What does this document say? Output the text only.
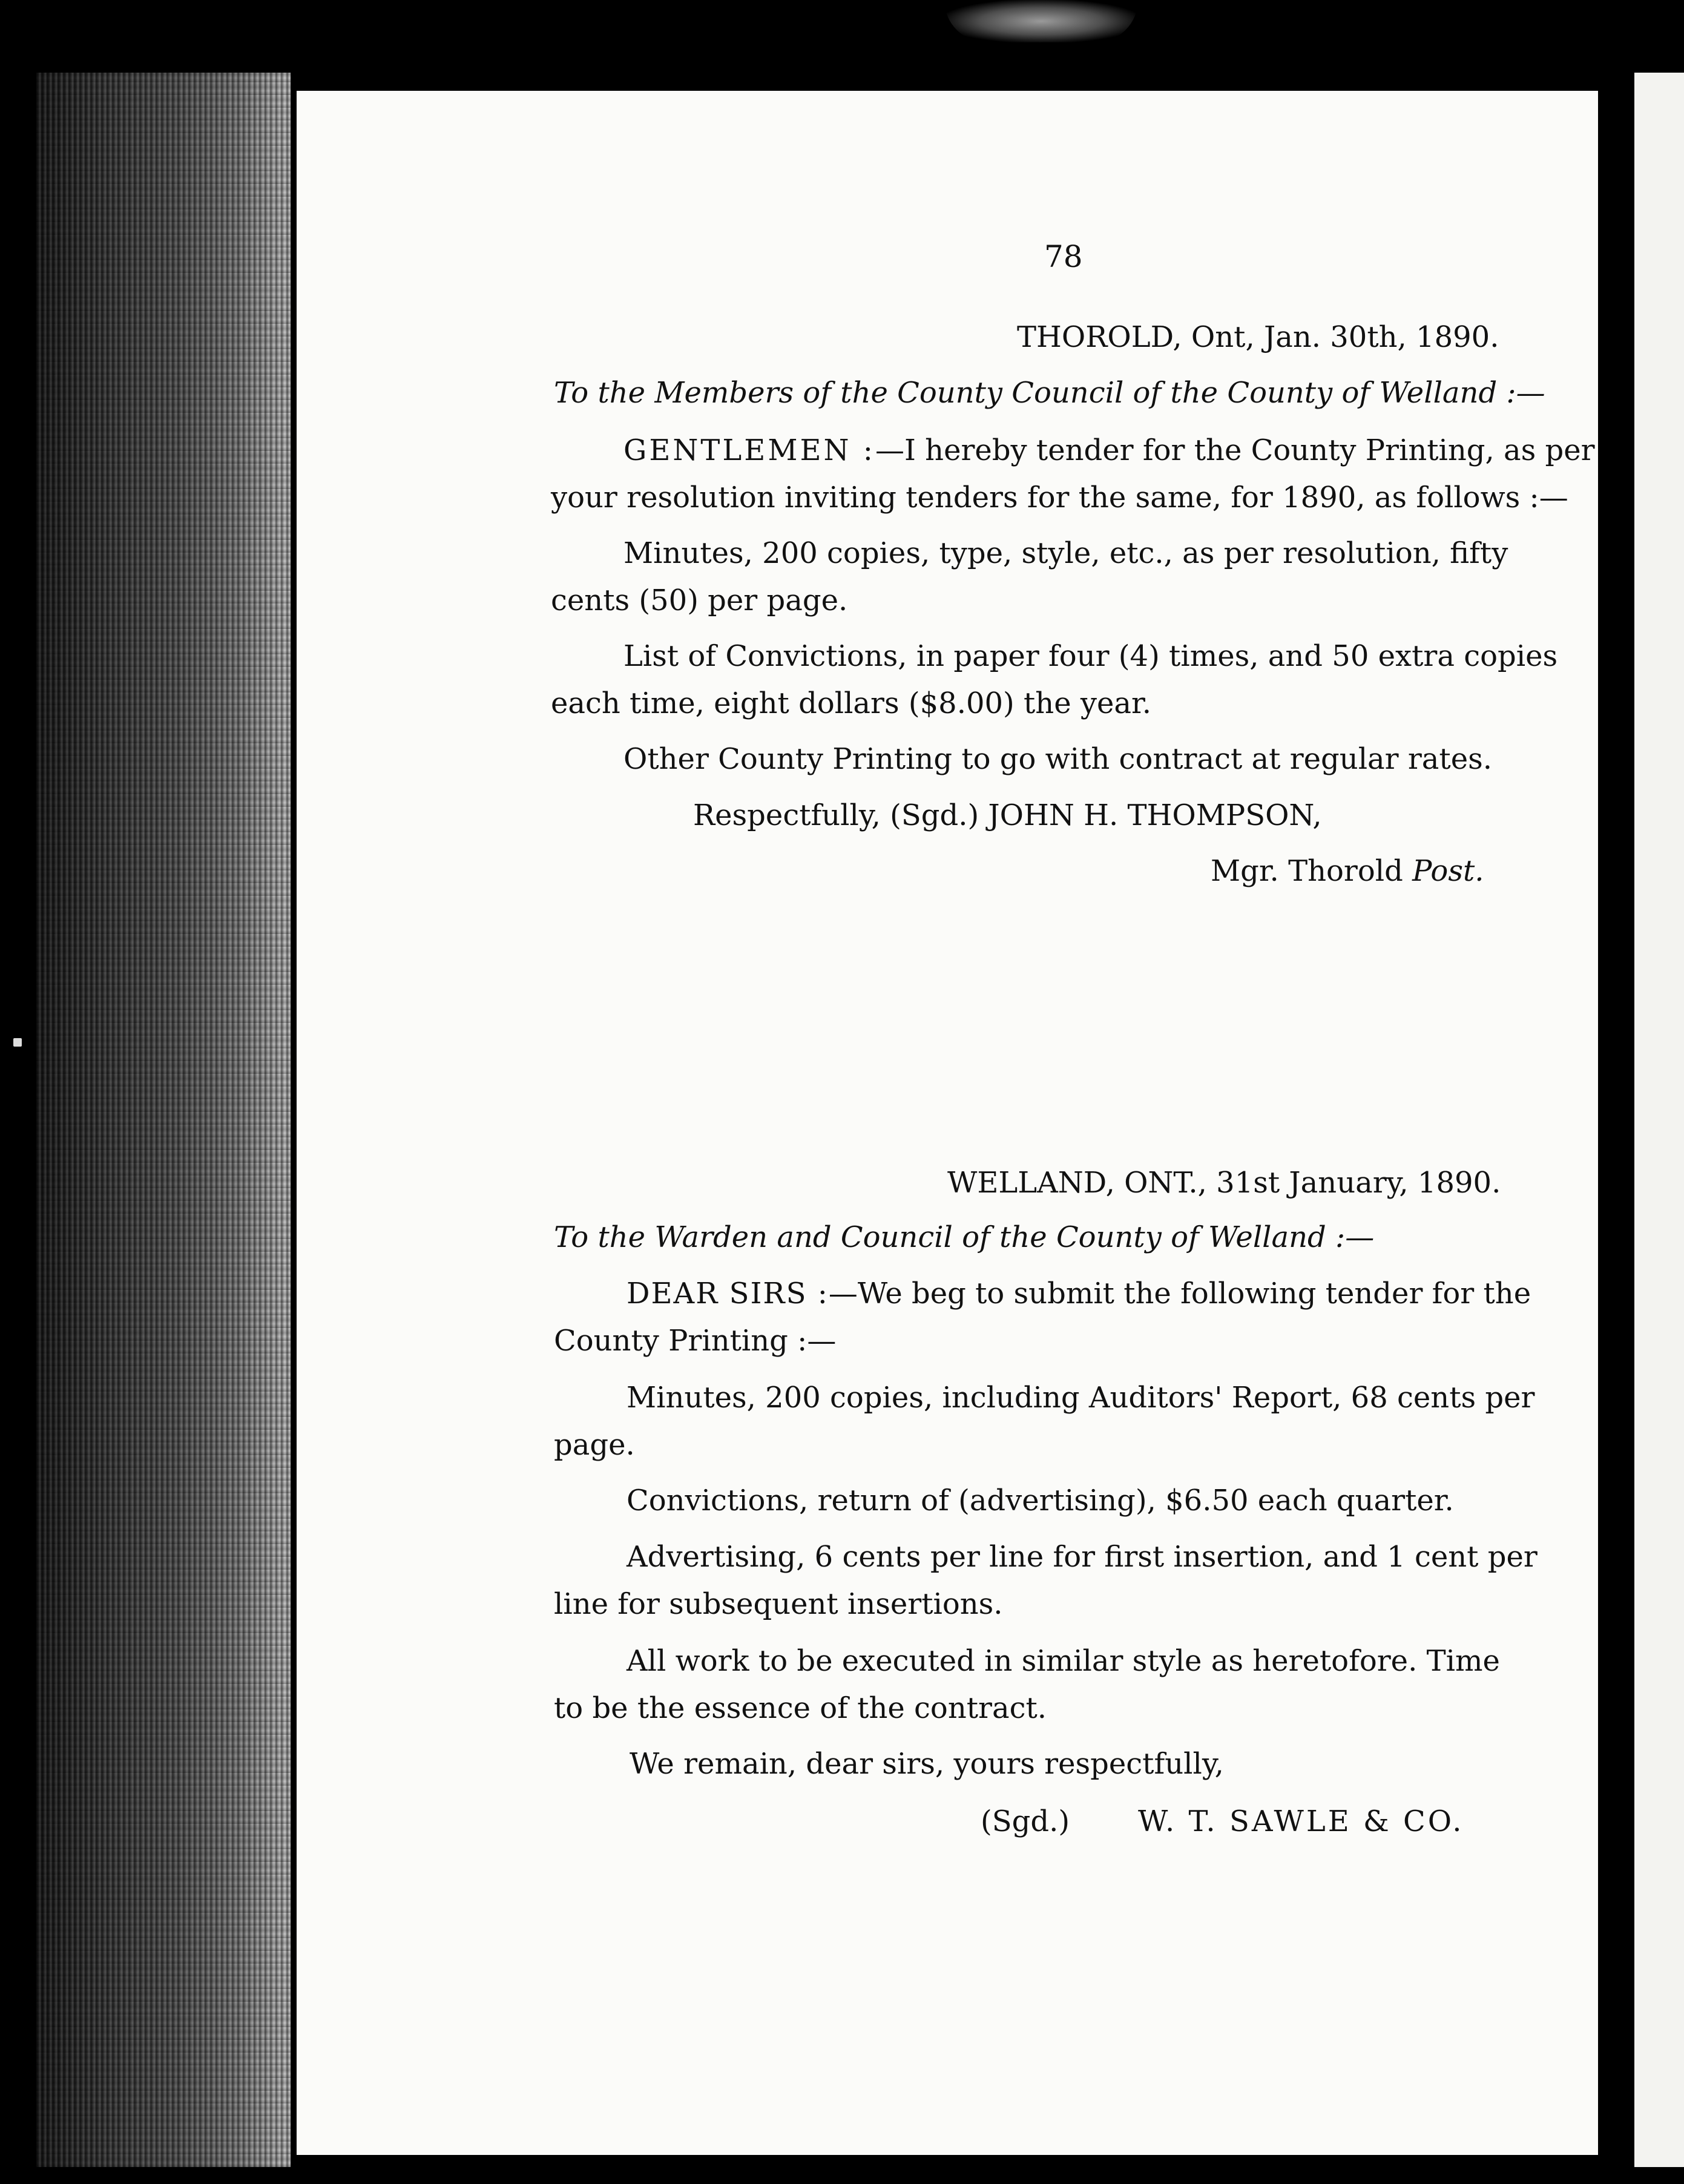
78
THOROLD, Ont, Jan. 30th, 1890.
To the Members of the County Council of the County of Welland :—
GENTLEMEN :—I hereby tender for the County Printing, as per
your resolution inviting tenders for the same, for 1890, as follows :—
Minutes, 200 copies, type, style, etc., as per resolution, fifty
cents (50) per page.
List of Convictions, in paper four (4) times, and 50 extra copies
each time, eight dollars ($8.00) the year.
Other County Printing to go with contract at regular rates.
Respectfully, (Sgd.) JOHN H. THOMPSON,
Mgr. Thorold Post.
WELLAND, ONT., 31st January, 1890.
To the Warden and Council of the County of Welland :—
DEAR SIRS :—We beg to submit the following tender for the
County Printing :—
Minutes, 200 copies, including Auditors' Report, 68 cents per
page.
Convictions, return of (advertising), $6.50 each quarter.
Advertising, 6 cents per line for first insertion, and 1 cent per
line for subsequent insertions.
All work to be executed in similar style as heretofore. Time
to be the essence of the contract.
We remain, dear sirs, yours respectfully,
(Sgd.) W. T. SAWLE & CO.
